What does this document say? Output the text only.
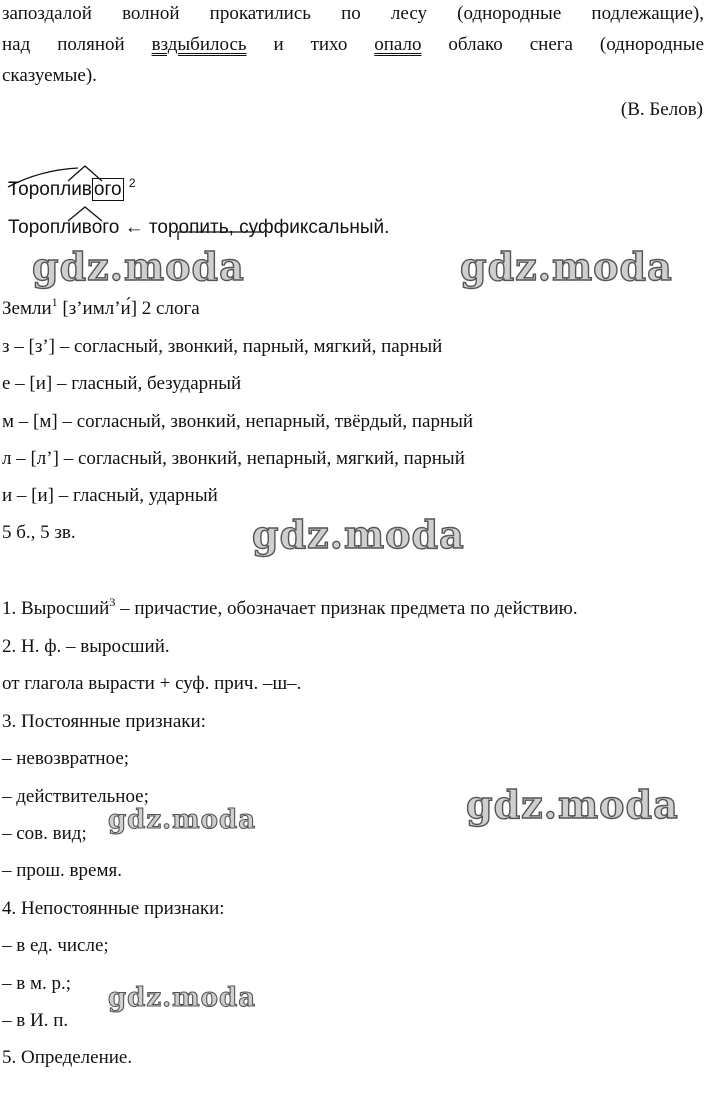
запоздалой волной прокатились по лесу (однородные подлежащие),
над поляной вздыбилось и тихо опало облако снега (однородные
сказуемые).
(В. Белов)
Тороплив ого $^2$
Торопливого ← торопить, суффиксальный.
Земли$^1$ [з’имл’и́] 2 слога
з – [з’] – согласный, звонкий, парный, мягкий, парный
е – [и] – гласный, безударный
м – [м] – согласный, звонкий, непарный, твёрдый, парный
л – [л’] – согласный, звонкий, непарный, мягкий, парный
и – [и] – гласный, ударный
5 б., 5 зв.
1. Выросший$^3$ – причастие, обозначает признак предмета по действию.
2. Н. ф. – выросший.
от глагола вырасти + суф. прич. –ш–.
3. Постоянные признаки:
– невозвратное;
– действительное;
– сов. вид;
– прош. время.
4. Непостоянные признаки:
– в ед. числе;
– в м. р.;
– в И. п.
5. Определение.
gdz.moda	gdz.moda
gdz.moda
gdz.moda
gdz.moda
gdz.moda
